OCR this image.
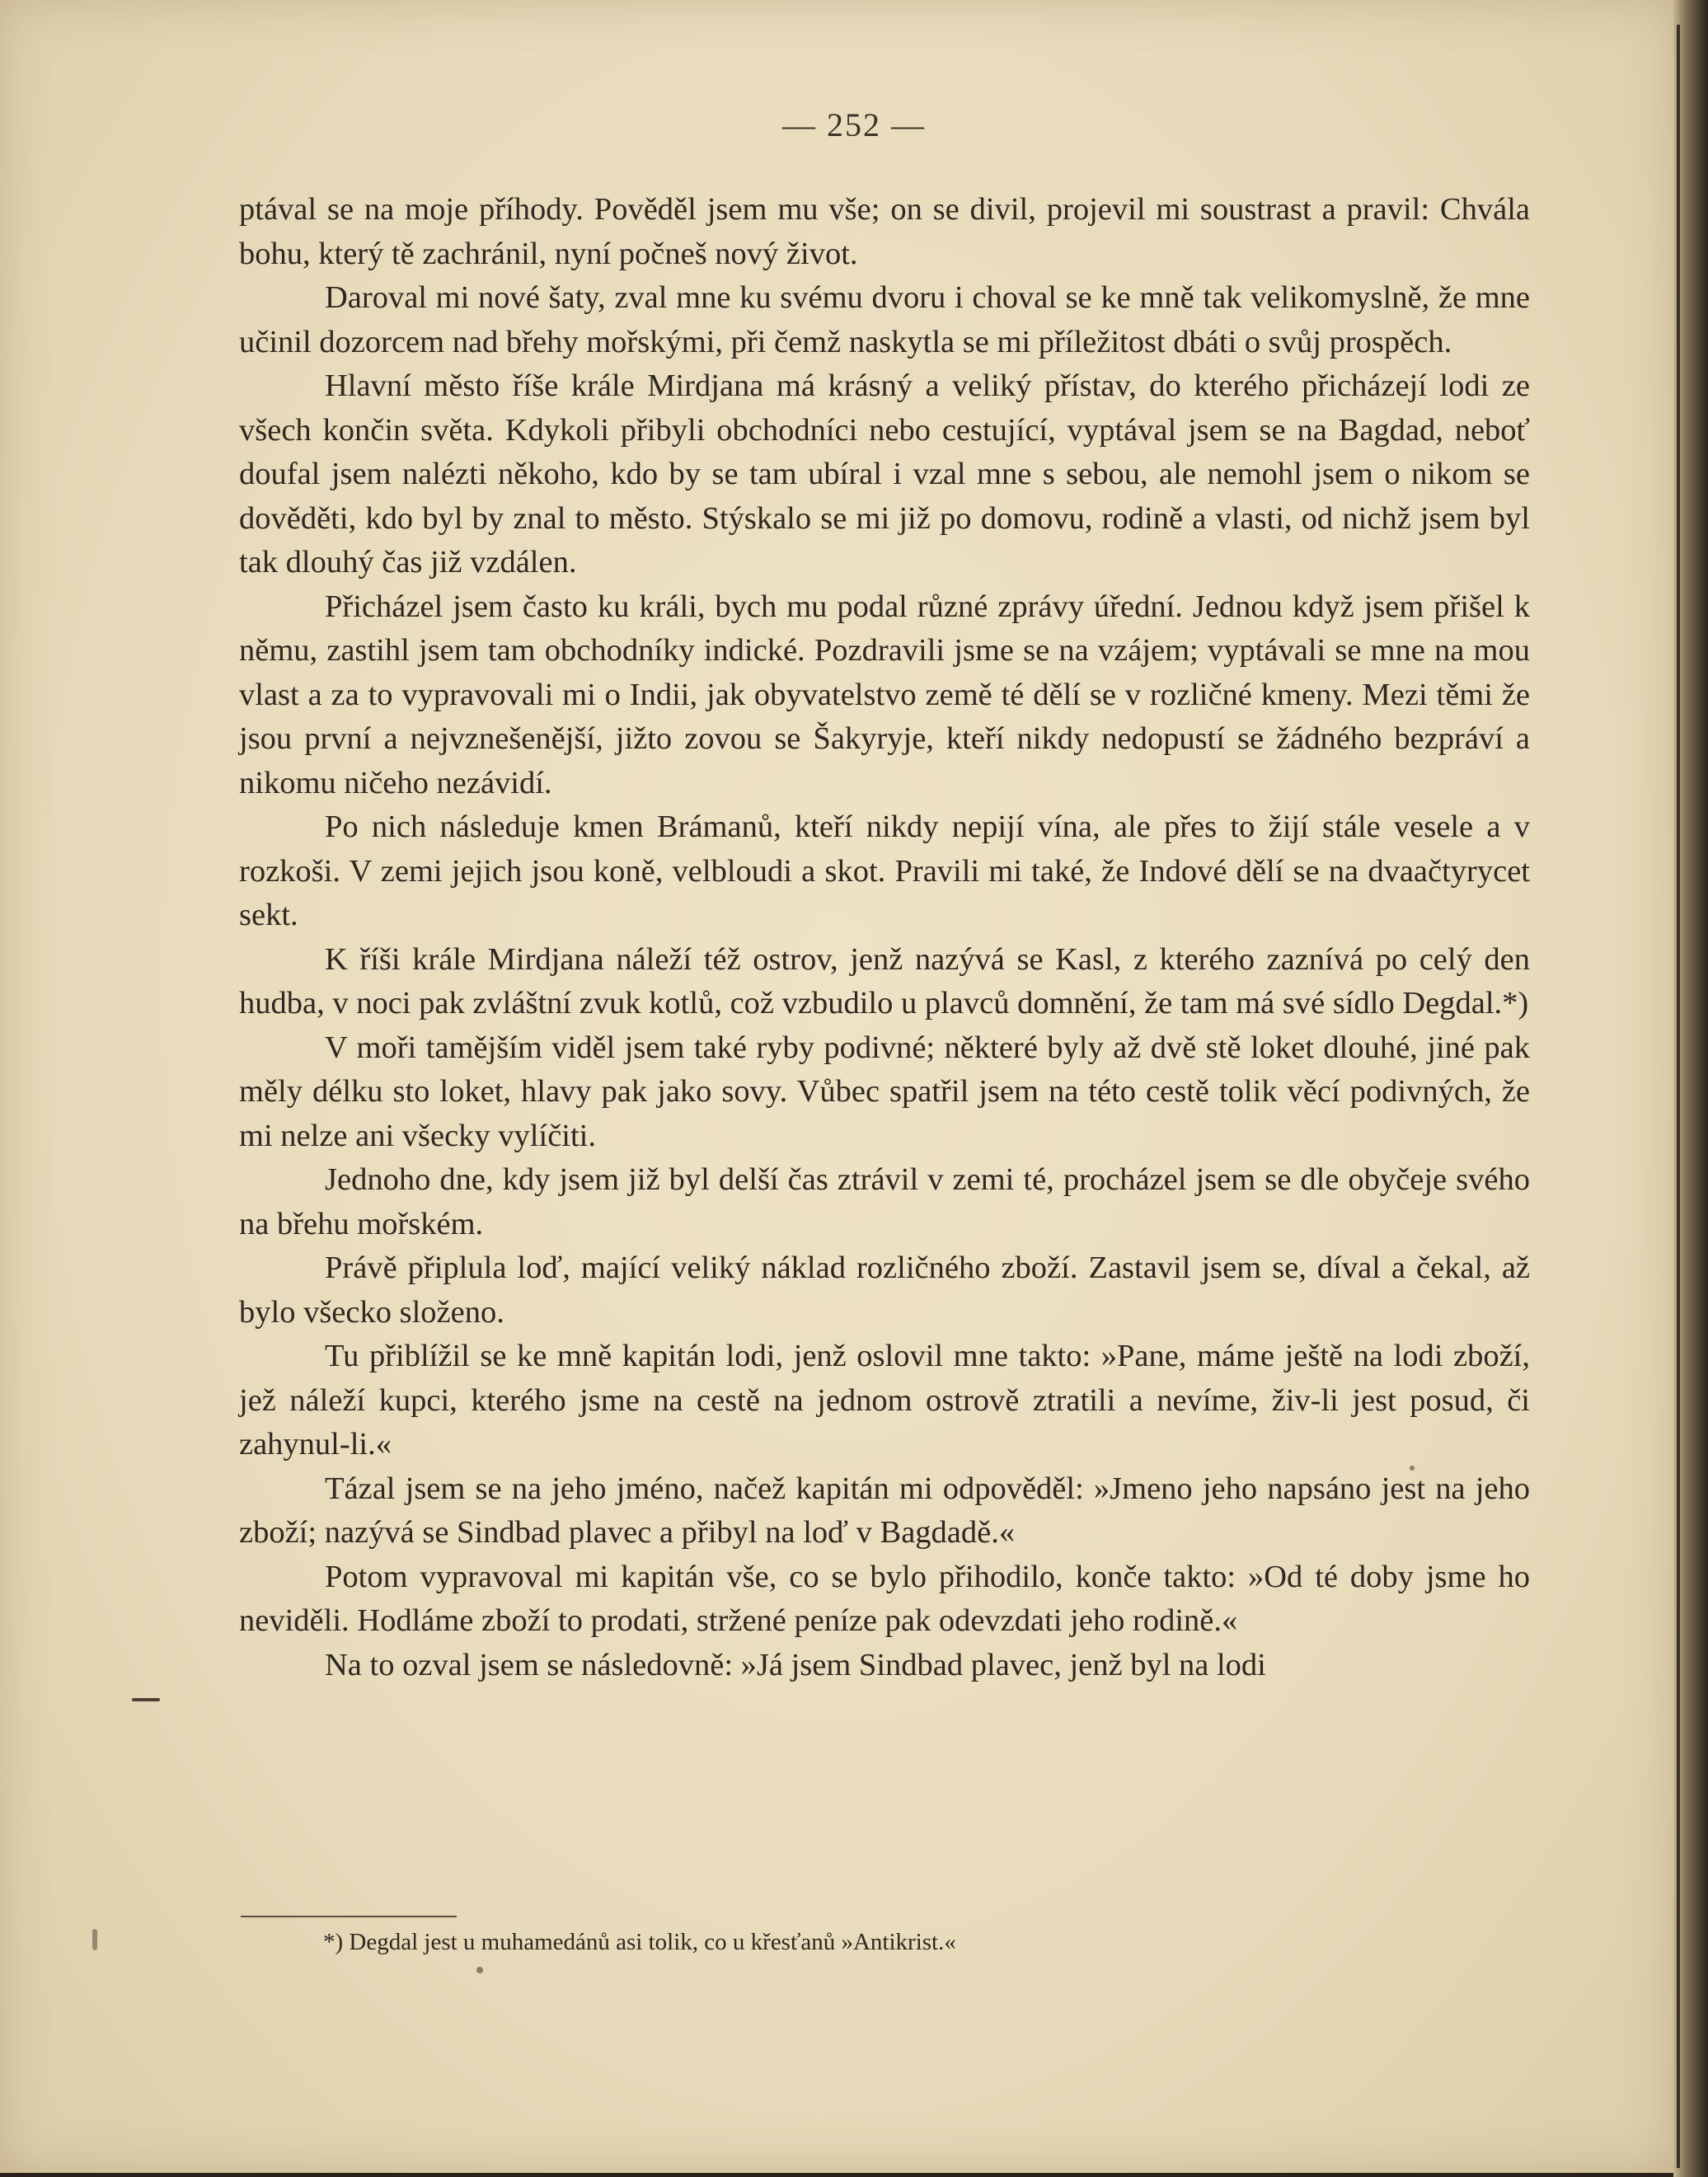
— 252 —

ptával se na moje příhody. Pověděl jsem mu vše; on se divil, projevil mi soustrast a pravil: Chvála bohu, který tě zachránil, nyní počneš nový život.

Daroval mi nové šaty, zval mne ku svému dvoru i choval se ke mně tak velikomyslně, že mne učinil dozorcem nad břehy mořskými, při čemž naskytla se mi příležitost dbáti o svůj prospěch.

Hlavní město říše krále Mirdjana má krásný a veliký přístav, do kterého přicházejí lodi ze všech končin světa. Kdykoli přibyli obchodníci nebo cestující, vyptával jsem se na Bagdad, neboť doufal jsem nalézti někoho, kdo by se tam ubíral i vzal mne s sebou, ale nemohl jsem o nikom se dověděti, kdo byl by znal to město. Stýskalo se mi již po domovu, rodině a vlasti, od nichž jsem byl tak dlouhý čas již vzdálen.

Přicházel jsem často ku králi, bych mu podal různé zprávy úřední. Jednou když jsem přišel k němu, zastihl jsem tam obchodníky indické. Pozdravili jsme se na vzájem; vyptávali se mne na mou vlast a za to vypravovali mi o Indii, jak obyvatelstvo země té dělí se v rozličné kmeny. Mezi těmi že jsou první a nejvznešenější, jižto zovou se Šakyryje, kteří nikdy nedopustí se žádného bezpráví a nikomu ničeho nezávidí.

Po nich následuje kmen Brámanů, kteří nikdy nepijí vína, ale přes to žijí stále vesele a v rozkoši. V zemi jejich jsou koně, velbloudi a skot. Pravili mi také, že Indové dělí se na dvaačtyrycet sekt.

K říši krále Mirdjana náleží též ostrov, jenž nazývá se Kasl, z kterého zaznívá po celý den hudba, v noci pak zvláštní zvuk kotlů, což vzbudilo u plavců domnění, že tam má své sídlo Degdal.*)

V moři tamějším viděl jsem také ryby podivné; některé byly až dvě stě loket dlouhé, jiné pak měly délku sto loket, hlavy pak jako sovy. Vůbec spatřil jsem na této cestě tolik věcí podivných, že mi nelze ani všecky vylíčiti.

Jednoho dne, kdy jsem již byl delší čas ztrávil v zemi té, procházel jsem se dle obyčeje svého na břehu mořském.

Právě připlula loď, mající veliký náklad rozličného zboží. Zastavil jsem se, díval a čekal, až bylo všecko složeno.

Tu přiblížil se ke mně kapitán lodi, jenž oslovil mne takto: »Pane, máme ještě na lodi zboží, jež náleží kupci, kterého jsme na cestě na jednom ostrově ztratili a nevíme, živ-li jest posud, či zahynul-li.«

Tázal jsem se na jeho jméno, načež kapitán mi odpověděl: »Jmeno jeho napsáno jest na jeho zboží; nazývá se Sindbad plavec a přibyl na loď v Bagdadě.«

Potom vypravoval mi kapitán vše, co se bylo přihodilo, konče takto: »Od té doby jsme ho neviděli. Hodláme zboží to prodati, stržené peníze pak odevzdati jeho rodině.«

Na to ozval jsem se následovně: »Já jsem Sindbad plavec, jenž byl na lodi

*) Degdal jest u muhamedánů asi tolik, co u křesťanů »Antikrist.«
